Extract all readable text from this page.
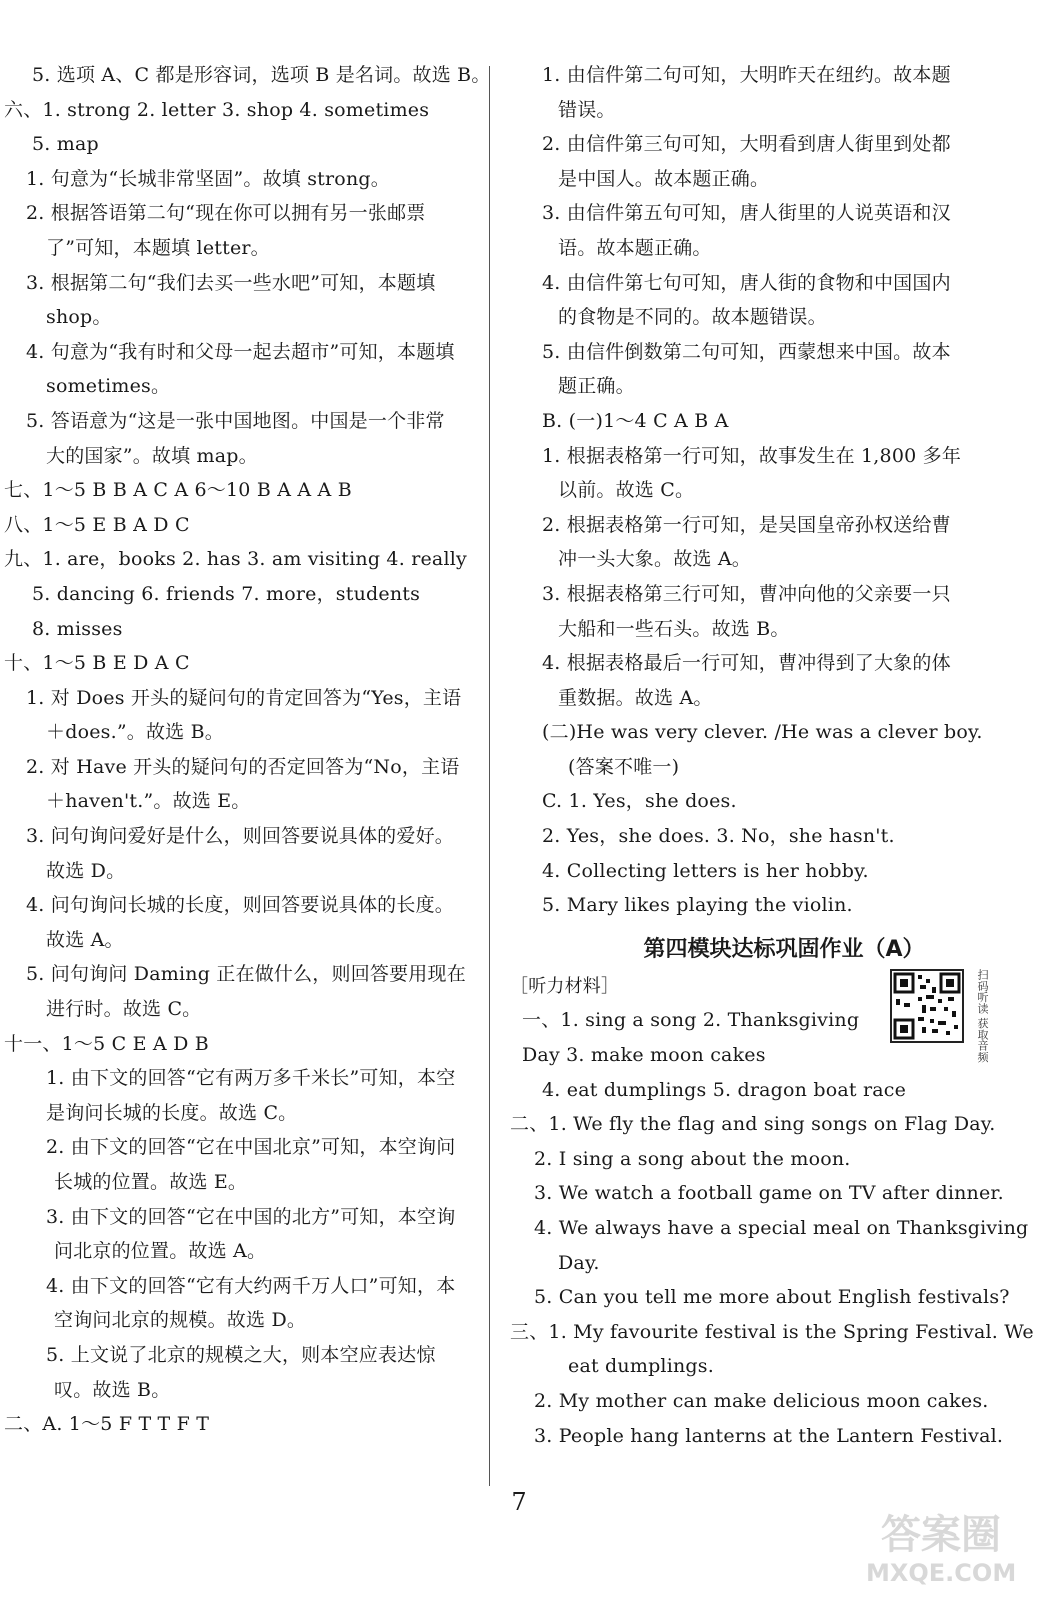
5. 选项 A、C 都是形容词，选项 B 是名词。故选 B。
六、1. strong 2. letter 3. shop 4. sometimes
5. map
1. 句意为“长城非常坚固”。故填 strong。
2. 根据答语第二句“现在你可以拥有另一张邮票
了”可知，本题填 letter。
3. 根据第二句“我们去买一些水吧”可知，本题填
shop。
4. 句意为“我有时和父母一起去超市”可知，本题填
sometimes。
5. 答语意为“这是一张中国地图。中国是一个非常
大的国家”。故填 map。
七、1～5 B B A C A 6～10 B A A A B
八、1～5 E B A D C
九、1. are，books 2. has 3. am visiting 4. really
5. dancing 6. friends 7. more，students
8. misses
十、1～5 B E D A C
1. 对 Does 开头的疑问句的肯定回答为“Yes，主语
＋does.”。故选 B。
2. 对 Have 开头的疑问句的否定回答为“No，主语
＋haven't.”。故选 E。
3. 问句询问爱好是什么，则回答要说具体的爱好。
故选 D。
4. 问句询问长城的长度，则回答要说具体的长度。
故选 A。
5. 问句询问 Daming 正在做什么，则回答要用现在
进行时。故选 C。
十一、1～5 C E A D B
1. 由下文的回答“它有两万多千米长”可知，本空
是询问长城的长度。故选 C。
2. 由下文的回答“它在中国北京”可知，本空询问
长城的位置。故选 E。
3. 由下文的回答“它在中国的北方”可知，本空询
问北京的位置。故选 A。
4. 由下文的回答“它有大约两千万人口”可知，本
空询问北京的规模。故选 D。
5. 上文说了北京的规模之大，则本空应表达惊
叹。故选 B。
二、A. 1～5 F T T F T
1. 由信件第二句可知，大明昨天在纽约。故本题
错误。
2. 由信件第三句可知，大明看到唐人街里到处都
是中国人。故本题正确。
3. 由信件第五句可知，唐人街里的人说英语和汉
语。故本题正确。
4. 由信件第七句可知，唐人街的食物和中国国内
的食物是不同的。故本题错误。
5. 由信件倒数第二句可知，西蒙想来中国。故本
题正确。
B. (一)1～4 C A B A
1. 根据表格第一行可知，故事发生在 1,800 多年
以前。故选 C。
2. 根据表格第一行可知，是吴国皇帝孙权送给曹
冲一头大象。故选 A。
3. 根据表格第三行可知，曹冲向他的父亲要一只
大船和一些石头。故选 B。
4. 根据表格最后一行可知，曹冲得到了大象的体
重数据。故选 A。
(二)He was very clever. /He was a clever boy.
(答案不唯一)
C. 1. Yes，she does.
2. Yes，she does. 3. No，she hasn't.
4. Collecting letters is her hobby.
5. Mary likes playing the violin.
第四模块达标巩固作业（A）
［听力材料］	扫码听读 获取音频
一、1. sing a song 2. Thanksgiving
Day 3. make moon cakes
4. eat dumplings 5. dragon boat race
二、1. We fly the flag and sing songs on Flag Day.
2. I sing a song about the moon.
3. We watch a football game on TV after dinner.
4. We always have a special meal on Thanksgiving
Day.
5. Can you tell me more about English festivals?
三、1. My favourite festival is the Spring Festival. We
eat dumplings.
2. My mother can make delicious moon cakes.
3. People hang lanterns at the Lantern Festival.
7
答案圈
MXQE.COM
